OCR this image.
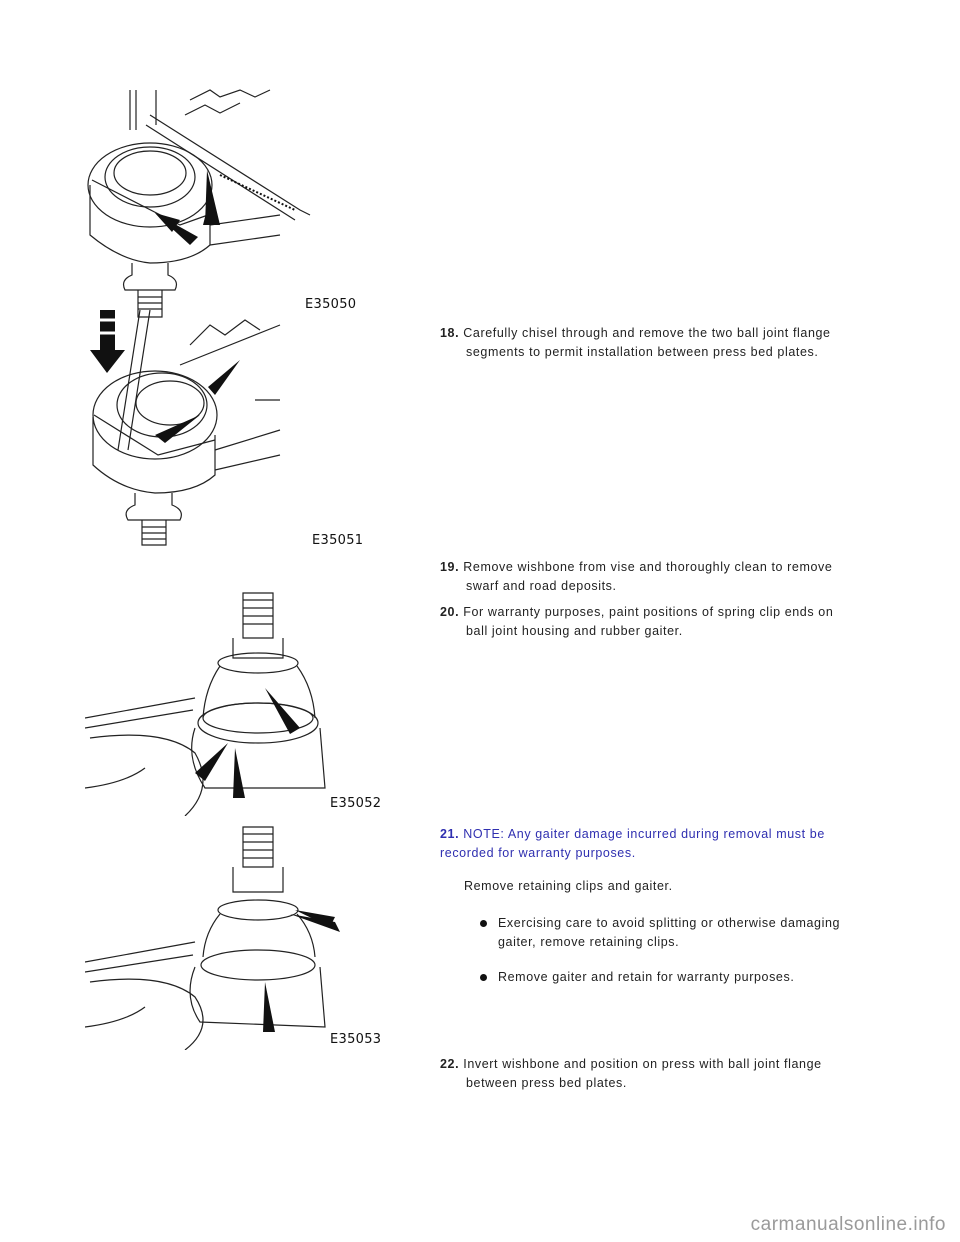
E35050
18. Carefully chisel through and remove the two ball joint flange
segments to permit installation between press bed plates.
E35051
19. Remove wishbone from vise and thoroughly clean to remove
swarf and road deposits.
20. For warranty purposes, paint positions of spring clip ends on
ball joint housing and rubber gaiter.
E35052
21. NOTE: Any gaiter damage incurred during removal must be
recorded for warranty purposes.
Remove retaining clips and gaiter.
Exercising care to avoid splitting or otherwise damaging
gaiter, remove retaining clips.
Remove gaiter and retain for warranty purposes.
E35053
22. Invert wishbone and position on press with ball joint flange
between press bed plates.
carmanualsonline.info
